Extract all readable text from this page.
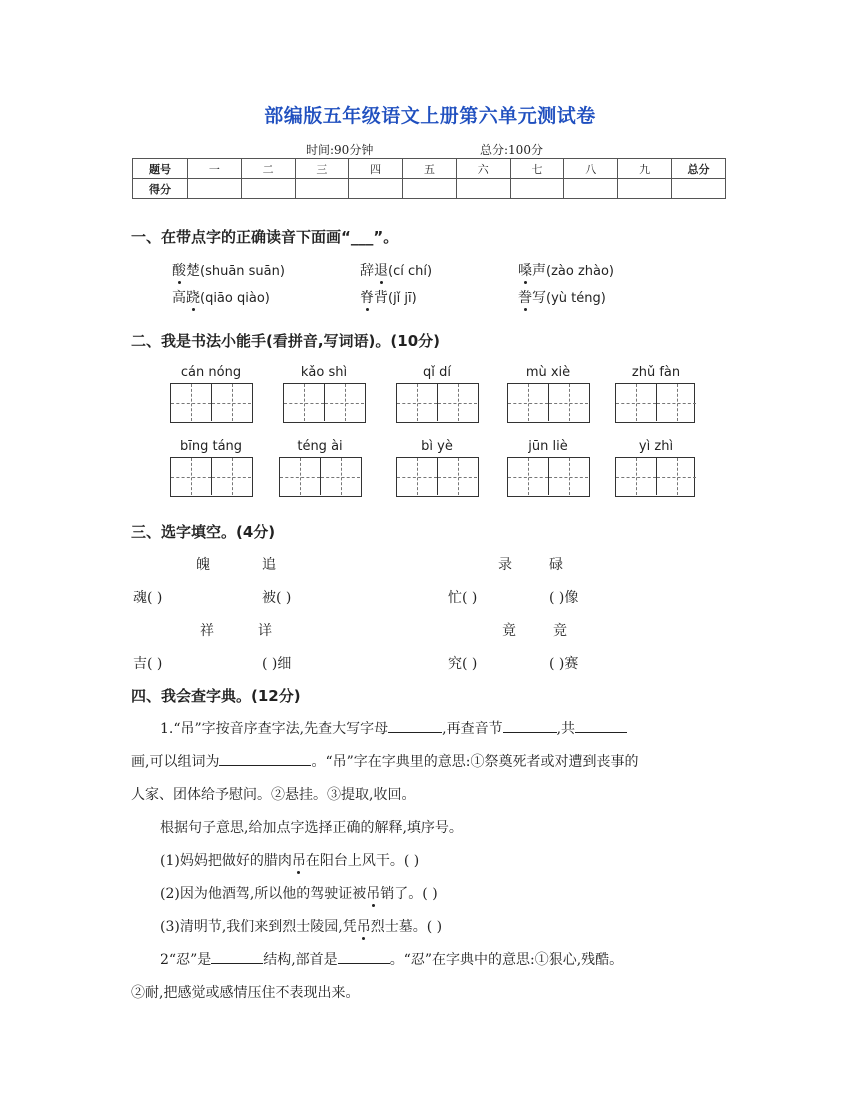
部编版五年级语文上册第六单元测试卷
时间:90分钟	总分:100分
题号	一	二	三	四	五	六	七	八	九	总分
得分										
一、在带点字的正确读音下面画“___”。
酸楚(shuān suān)	辞退(cí chí)	嗓声(zào zhào)
高跷(qiāo qiào)	脊背(jǐ jī)	誊写(yù téng)
二、我是书法小能手(看拼音,写词语)。(10分)
cán nóng	kǎo shì	qǐ dí	mù xiè	zhǔ fàn
bīng táng	téng ài	bì yè	jūn liè	yì zhì
三、选字填空。(4分)
魄	追	录	碌
魂( )	被( )	忙( )	( )像
祥	详	竟	竞
吉( )	( )细	究( )	( )赛
四、我会查字典。(12分)
1.“吊”字按音序查字法,先查大写字母	,再查音节	,共
画,可以组词为	。“吊”字在字典里的意思:①祭奠死者或对遭到丧事的
人家、团体给予慰问。②悬挂。③提取,收回。
根据句子意思,给加点字选择正确的解释,填序号。
(1)妈妈把做好的腊肉吊在阳台上风干。( )
(2)因为他酒驾,所以他的驾驶证被吊销了。( )
(3)清明节,我们来到烈士陵园,凭吊烈士墓。( )
2“忍”是	结构,部首是	。“忍”在字典中的意思:①狠心,残酷。
②耐,把感觉或感情压住不表现出来。
